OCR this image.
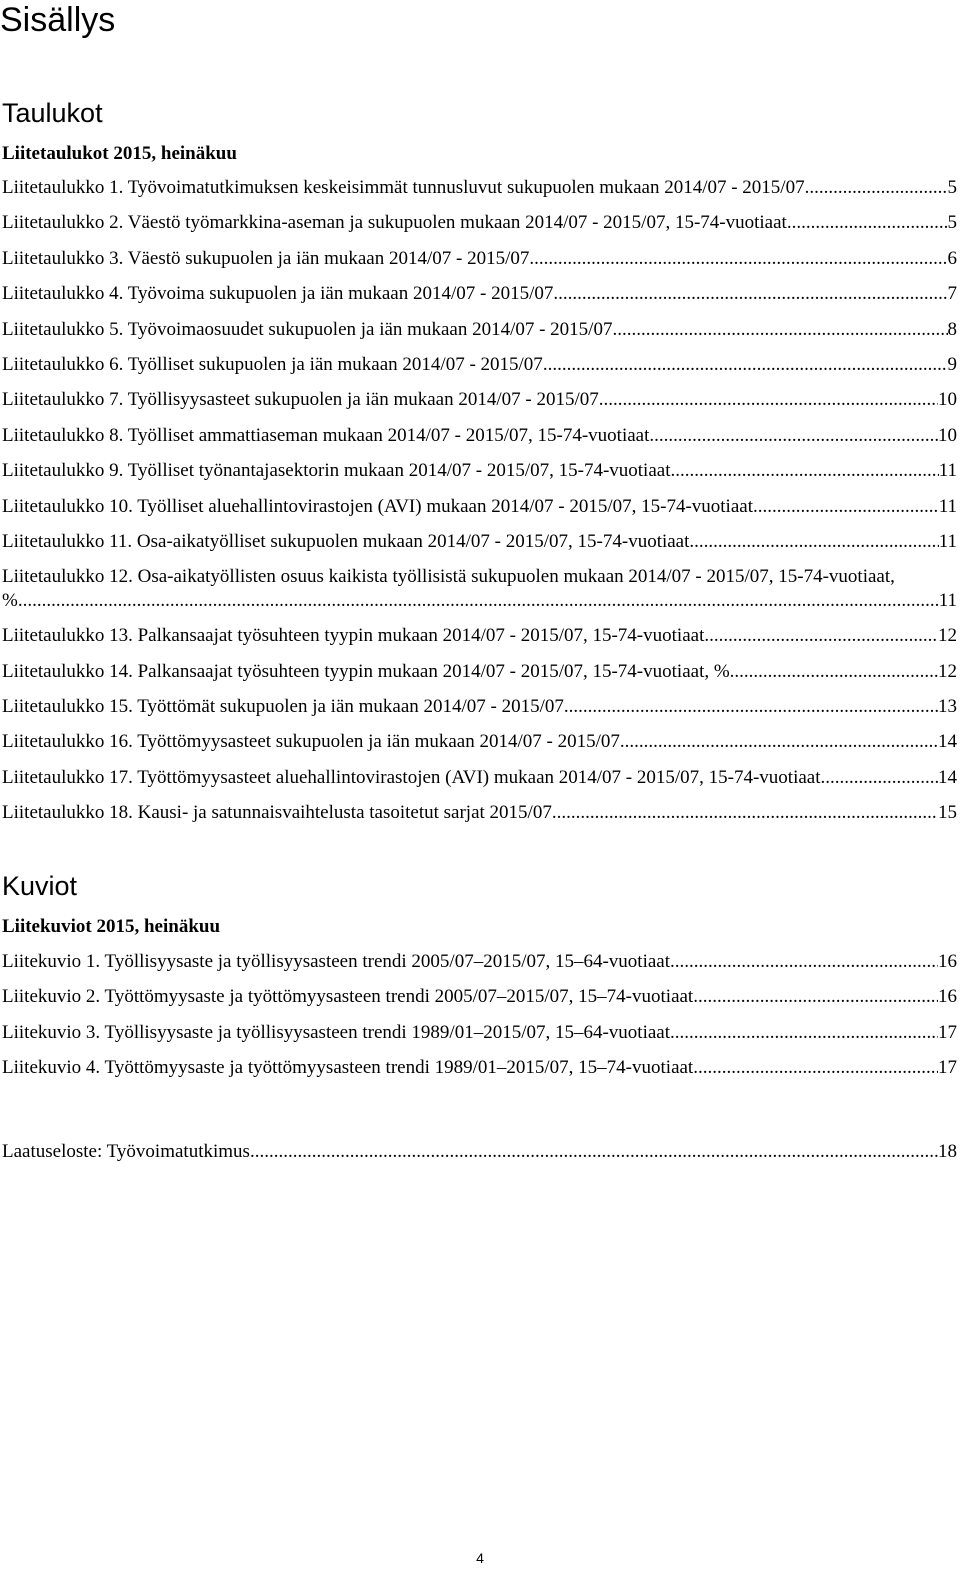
Sisällys
Taulukot
Liitetaulukot 2015, heinäkuu
Liitetaulukko 1. Työvoimatutkimuksen keskeisimmät tunnusluvut sukupuolen mukaan 2014/07 - 2015/07 .....	5
Liitetaulukko 2. Väestö työmarkkina-aseman ja sukupuolen mukaan 2014/07 - 2015/07, 15-74-vuotiaat .....	5
Liitetaulukko 3. Väestö sukupuolen ja iän mukaan 2014/07 - 2015/07 .....	6
Liitetaulukko 4. Työvoima sukupuolen ja iän mukaan 2014/07 - 2015/07 .....	7
Liitetaulukko 5. Työvoimaosuudet sukupuolen ja iän mukaan 2014/07 - 2015/07 .....	8
Liitetaulukko 6. Työlliset sukupuolen ja iän mukaan 2014/07 - 2015/07 .....	9
Liitetaulukko 7. Työllisyysasteet sukupuolen ja iän mukaan 2014/07 - 2015/07 .....	10
Liitetaulukko 8. Työlliset ammattiaseman mukaan 2014/07 - 2015/07, 15-74-vuotiaat .....	10
Liitetaulukko 9. Työlliset työnantajasektorin mukaan 2014/07 - 2015/07, 15-74-vuotiaat .....	11
Liitetaulukko 10. Työlliset aluehallintovirastojen (AVI) mukaan 2014/07 - 2015/07, 15-74-vuotiaat .....	11
Liitetaulukko 11. Osa-aikatyölliset sukupuolen mukaan 2014/07 - 2015/07, 15-74-vuotiaat .....	11
Liitetaulukko 12. Osa-aikatyöllisten osuus kaikista työllisistä sukupuolen mukaan 2014/07 - 2015/07, 15-74-vuotiaat,
% .....	11
Liitetaulukko 13. Palkansaajat työsuhteen tyypin mukaan 2014/07 - 2015/07, 15-74-vuotiaat .....	12
Liitetaulukko 14. Palkansaajat työsuhteen tyypin mukaan 2014/07 - 2015/07, 15-74-vuotiaat, % .....	12
Liitetaulukko 15. Työttömät sukupuolen ja iän mukaan 2014/07 - 2015/07 .....	13
Liitetaulukko 16. Työttömyysasteet sukupuolen ja iän mukaan 2014/07 - 2015/07 .....	14
Liitetaulukko 17. Työttömyysasteet aluehallintovirastojen (AVI) mukaan 2014/07 - 2015/07, 15-74-vuotiaat .....	14
Liitetaulukko 18. Kausi- ja satunnaisvaihtelusta tasoitetut sarjat 2015/07 .....	15
Kuviot
Liitekuviot 2015, heinäkuu
Liitekuvio 1. Työllisyysaste ja työllisyysasteen trendi 2005/07–2015/07, 15–64-vuotiaat .....	16
Liitekuvio 2. Työttömyysaste ja työttömyysasteen trendi 2005/07–2015/07, 15–74-vuotiaat .....	16
Liitekuvio 3. Työllisyysaste ja työllisyysasteen trendi 1989/01–2015/07, 15–64-vuotiaat .....	17
Liitekuvio 4. Työttömyysaste ja työttömyysasteen trendi 1989/01–2015/07, 15–74-vuotiaat .....	17
Laatuseloste: Työvoimatutkimus .....	18
4
